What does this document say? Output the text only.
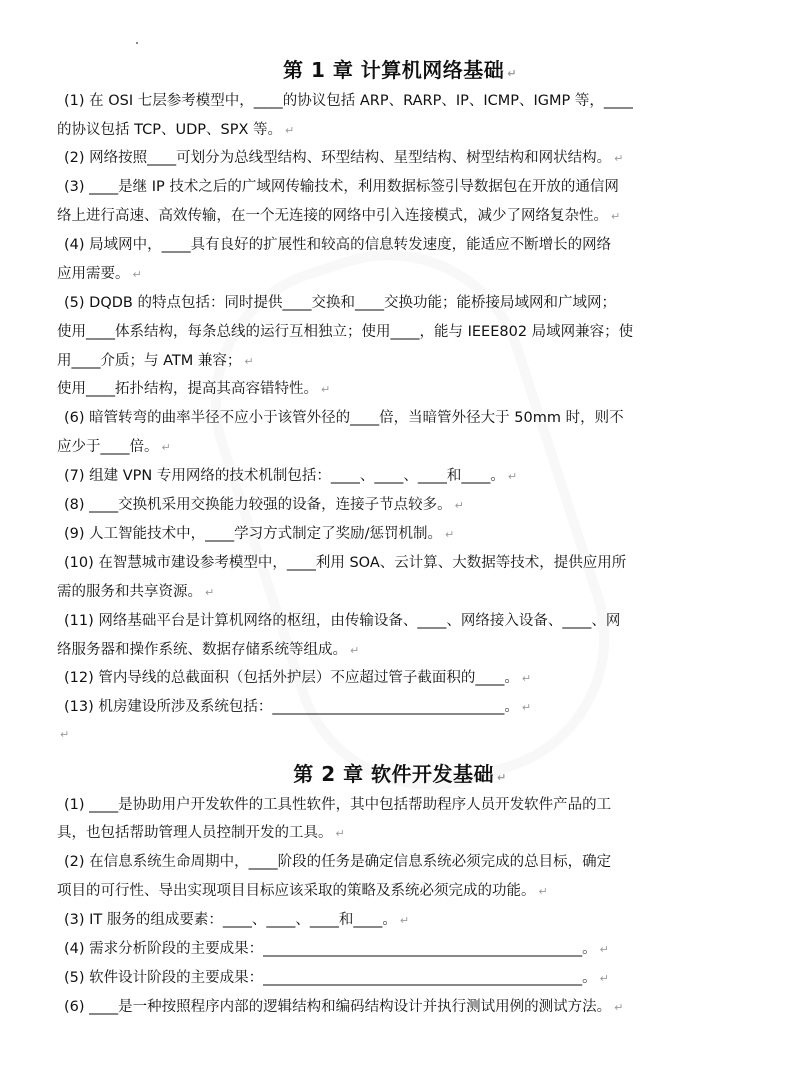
第 1 章 计算机网络基础 ↵
(1) 在 OSI 七层参考模型中，____的协议包括 ARP、RARP、IP、ICMP、IGMP 等，____
的协议包括 TCP、UDP、SPX 等。 ↵
(2) 网络按照____可划分为总线型结构、环型结构、星型结构、树型结构和网状结构。 ↵
(3) ____是继 IP 技术之后的广域网传输技术，利用数据标签引导数据包在开放的通信网
络上进行高速、高效传输，在一个无连接的网络中引入连接模式，减少了网络复杂性。 ↵
(4) 局域网中，____具有良好的扩展性和较高的信息转发速度，能适应不断增长的网络
应用需要。 ↵
(5) DQDB 的特点包括：同时提供____交换和____交换功能；能桥接局域网和广域网；
使用____体系结构，每条总线的运行互相独立；使用____，能与 IEEE802 局域网兼容；使
用____介质；与 ATM 兼容； ↵
使用____拓扑结构，提高其高容错特性。 ↵
(6) 暗管转弯的曲率半径不应小于该管外径的____倍，当暗管外径大于 50mm 时，则不
应少于____倍。 ↵
(7) 组建 VPN 专用网络的技术机制包括：____、____、____和____。 ↵
(8) ____交换机采用交换能力较强的设备，连接子节点较多。 ↵
(9) 人工智能技术中，____学习方式制定了奖励/惩罚机制。 ↵
(10) 在智慧城市建设参考模型中，____利用 SOA、云计算、大数据等技术，提供应用所
需的服务和共享资源。 ↵
(11) 网络基础平台是计算机网络的枢纽，由传输设备、____、网络接入设备、____、网
络服务器和操作系统、数据存储系统等组成。 ↵
(12) 管内导线的总截面积（包括外护层）不应超过管子截面积的____。 ↵
(13) 机房建设所涉及系统包括：________________________________。 ↵
↵
第 2 章 软件开发基础 ↵
(1) ____是协助用户开发软件的工具性软件，其中包括帮助程序人员开发软件产品的工
具，也包括帮助管理人员控制开发的工具。 ↵
(2) 在信息系统生命周期中，____阶段的任务是确定信息系统必须完成的总目标，确定
项目的可行性、导出实现项目目标应该采取的策略及系统必须完成的功能。 ↵
(3) IT 服务的组成要素：____、____、____和____。 ↵
(4) 需求分析阶段的主要成果：____________________________________________。 ↵
(5) 软件设计阶段的主要成果：____________________________________________。 ↵
(6) ____是一种按照程序内部的逻辑结构和编码结构设计并执行测试用例的测试方法。 ↵
